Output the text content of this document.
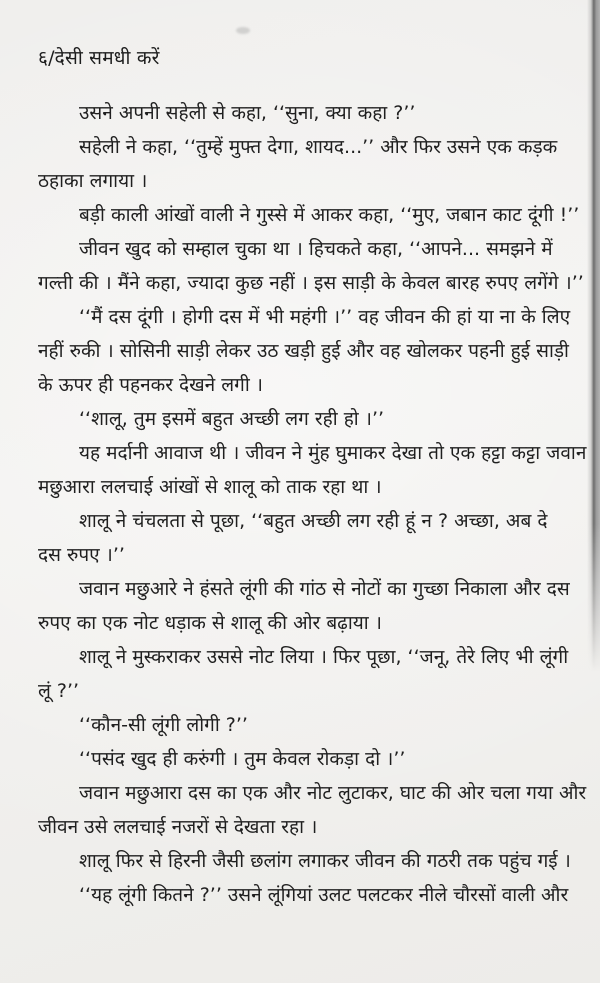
६/देसी समधी करें
उसने अपनी सहेली से कहा, ‘‘सुना, क्या कहा ?’’
सहेली ने कहा, ‘‘तुम्हें मुफ्त देगा, शायद...’’ और फिर उसने एक कड़क
ठहाका लगाया ।
बड़ी काली आंखों वाली ने गुस्से में आकर कहा, ‘‘मुए, जबान काट दूंगी !’’
जीवन खुद को सम्हाल चुका था । हिचकते कहा, ‘‘आपने... समझने में
गल्ती की । मैंने कहा, ज्यादा कुछ नहीं । इस साड़ी के केवल बारह रुपए लगेंगे ।’’
‘‘मैं दस दूंगी । होगी दस में भी महंगी ।’’ वह जीवन की हां या ना के लिए
नहीं रुकी । सोसिनी साड़ी लेकर उठ खड़ी हुई और वह खोलकर पहनी हुई साड़ी
के ऊपर ही पहनकर देखने लगी ।
‘‘शालू, तुम इसमें बहुत अच्छी लग रही हो ।’’
यह मर्दानी आवाज थी । जीवन ने मुंह घुमाकर देखा तो एक हट्टा कट्टा जवान
मछुआरा ललचाई आंखों से शालू को ताक रहा था ।
शालू ने चंचलता से पूछा, ‘‘बहुत अच्छी लग रही हूं न ? अच्छा, अब दे
दस रुपए ।’’
जवान मछुआरे ने हंसते लूंगी की गांठ से नोटों का गुच्छा निकाला और दस
रुपए का एक नोट धड़ाक से शालू की ओर बढ़ाया ।
शालू ने मुस्कराकर उससे नोट लिया । फिर पूछा, ‘‘जनू, तेरे लिए भी लूंगी
लूं ?’’
‘‘कौन-सी लूंगी लोगी ?’’
‘‘पसंद खुद ही करुंगी । तुम केवल रोकड़ा दो ।’’
जवान मछुआरा दस का एक और नोट लुटाकर, घाट की ओर चला गया और
जीवन उसे ललचाई नजरों से देखता रहा ।
शालू फिर से हिरनी जैसी छलांग लगाकर जीवन की गठरी तक पहुंच गई ।
‘‘यह लूंगी कितने ?’’ उसने लूंगियां उलट पलटकर नीले चौरसों वाली और
